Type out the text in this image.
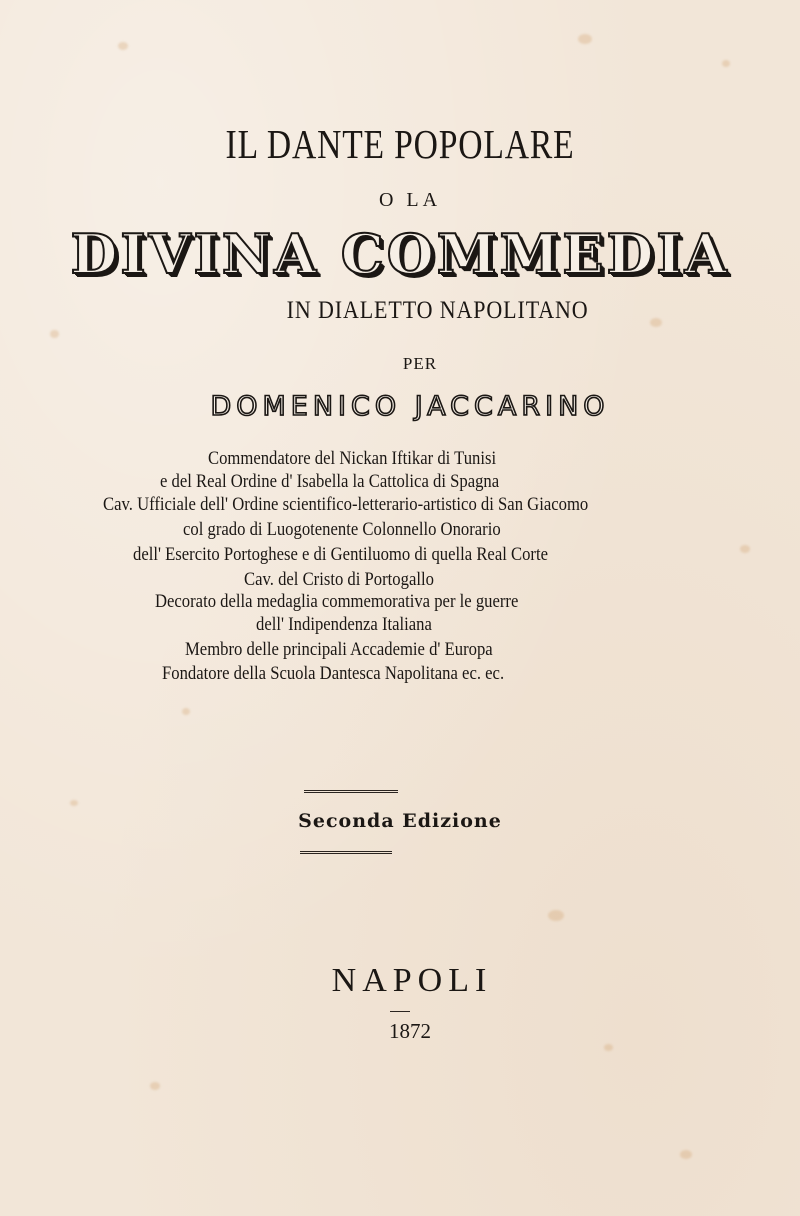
IL DANTE POPOLARE
O LA
DIVINA COMMEDIA
IN DIALETTO NAPOLITANO
PER
DOMENICO JACCARINO
Commendatore del Nickan Iftikar di Tunisi
e del Real Ordine d' Isabella la Cattolica di Spagna
Cav. Ufficiale dell' Ordine scientifico-letterario-artistico di San Giacomo
col grado di Luogotenente Colonnello Onorario
dell' Esercito Portoghese e di Gentiluomo di quella Real Corte
Cav. del Cristo di Portogallo
Decorato della medaglia commemorativa per le guerre
dell' Indipendenza Italiana
Membro delle principali Accademie d' Europa
Fondatore della Scuola Dantesca Napolitana ec. ec.
Seconda Edizione
NAPOLI
1872
